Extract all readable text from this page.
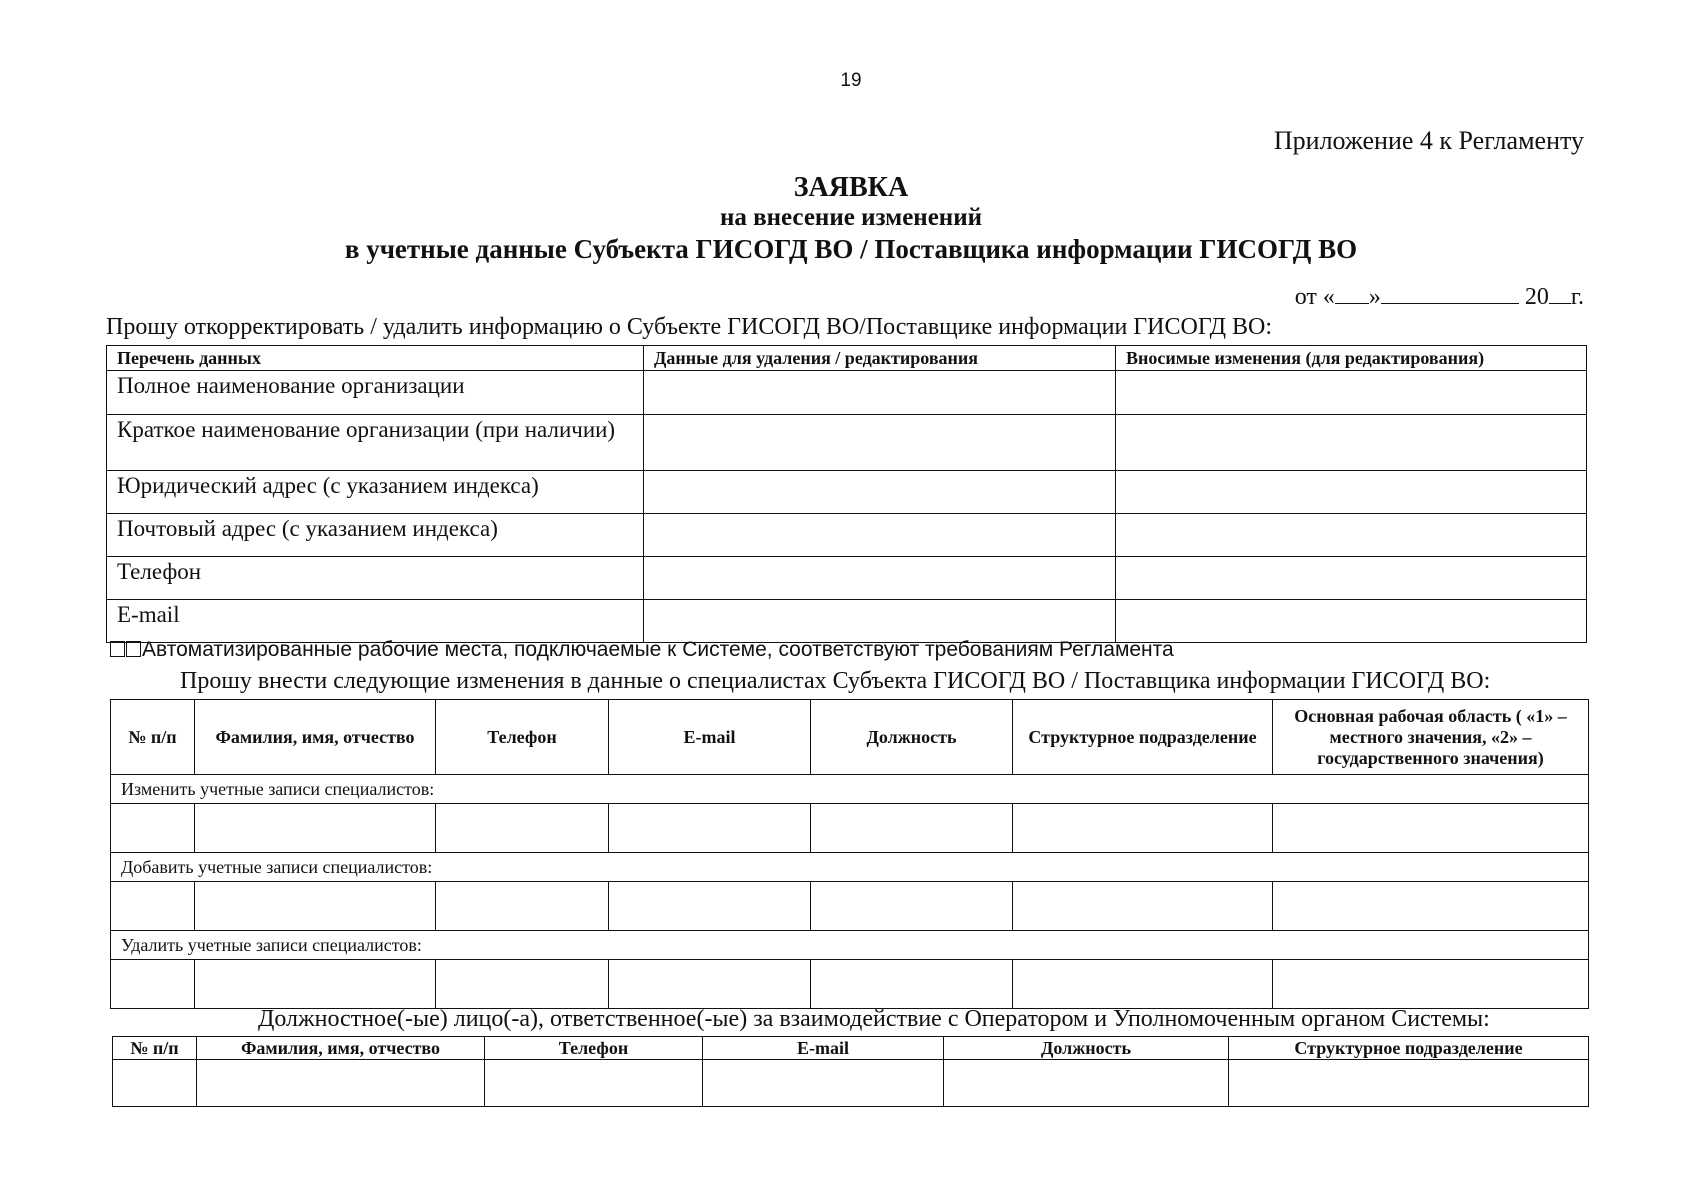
19
Приложение 4 к Регламенту
ЗАЯВКА
на внесение изменений
в учетные данные Субъекта ГИСОГД ВО / Поставщика информации ГИСОГД ВО
от « »	20 г.
Прошу откорректировать / удалить информацию о Субъекте ГИСОГД ВО/Поставщике информации ГИСОГД ВО:
Перечень данных	Данные для удаления / редактирования	Вносимые изменения (для редактирования)
Полное наименование организации		
Краткое наименование организации (при наличии)		
Юридический адрес (с указанием индекса)		
Почтовый адрес (с указанием индекса)		
Телефон		
E-mail		
Автоматизированные рабочие места, подключаемые к Системе, соответствуют требованиям Регламента
Прошу внести следующие изменения в данные о специалистах Субъекта ГИСОГД ВО / Поставщика информации ГИСОГД ВО:
№ п/п	Фамилия, имя, отчество	Телефон	E-mail	Должность	Структурное подразделение	Основная рабочая область ( «1» – местного значения, «2» – государственного значения)
Изменить учетные записи специалистов:						

Добавить учетные записи специалистов:						

Удалить учетные записи специалистов:						

Должностное(-ые) лицо(-а), ответственное(-ые) за взаимодействие с Оператором и Уполномоченным органом Системы:
№ п/п	Фамилия, имя, отчество	Телефон	E-mail	Должность	Структурное подразделение
